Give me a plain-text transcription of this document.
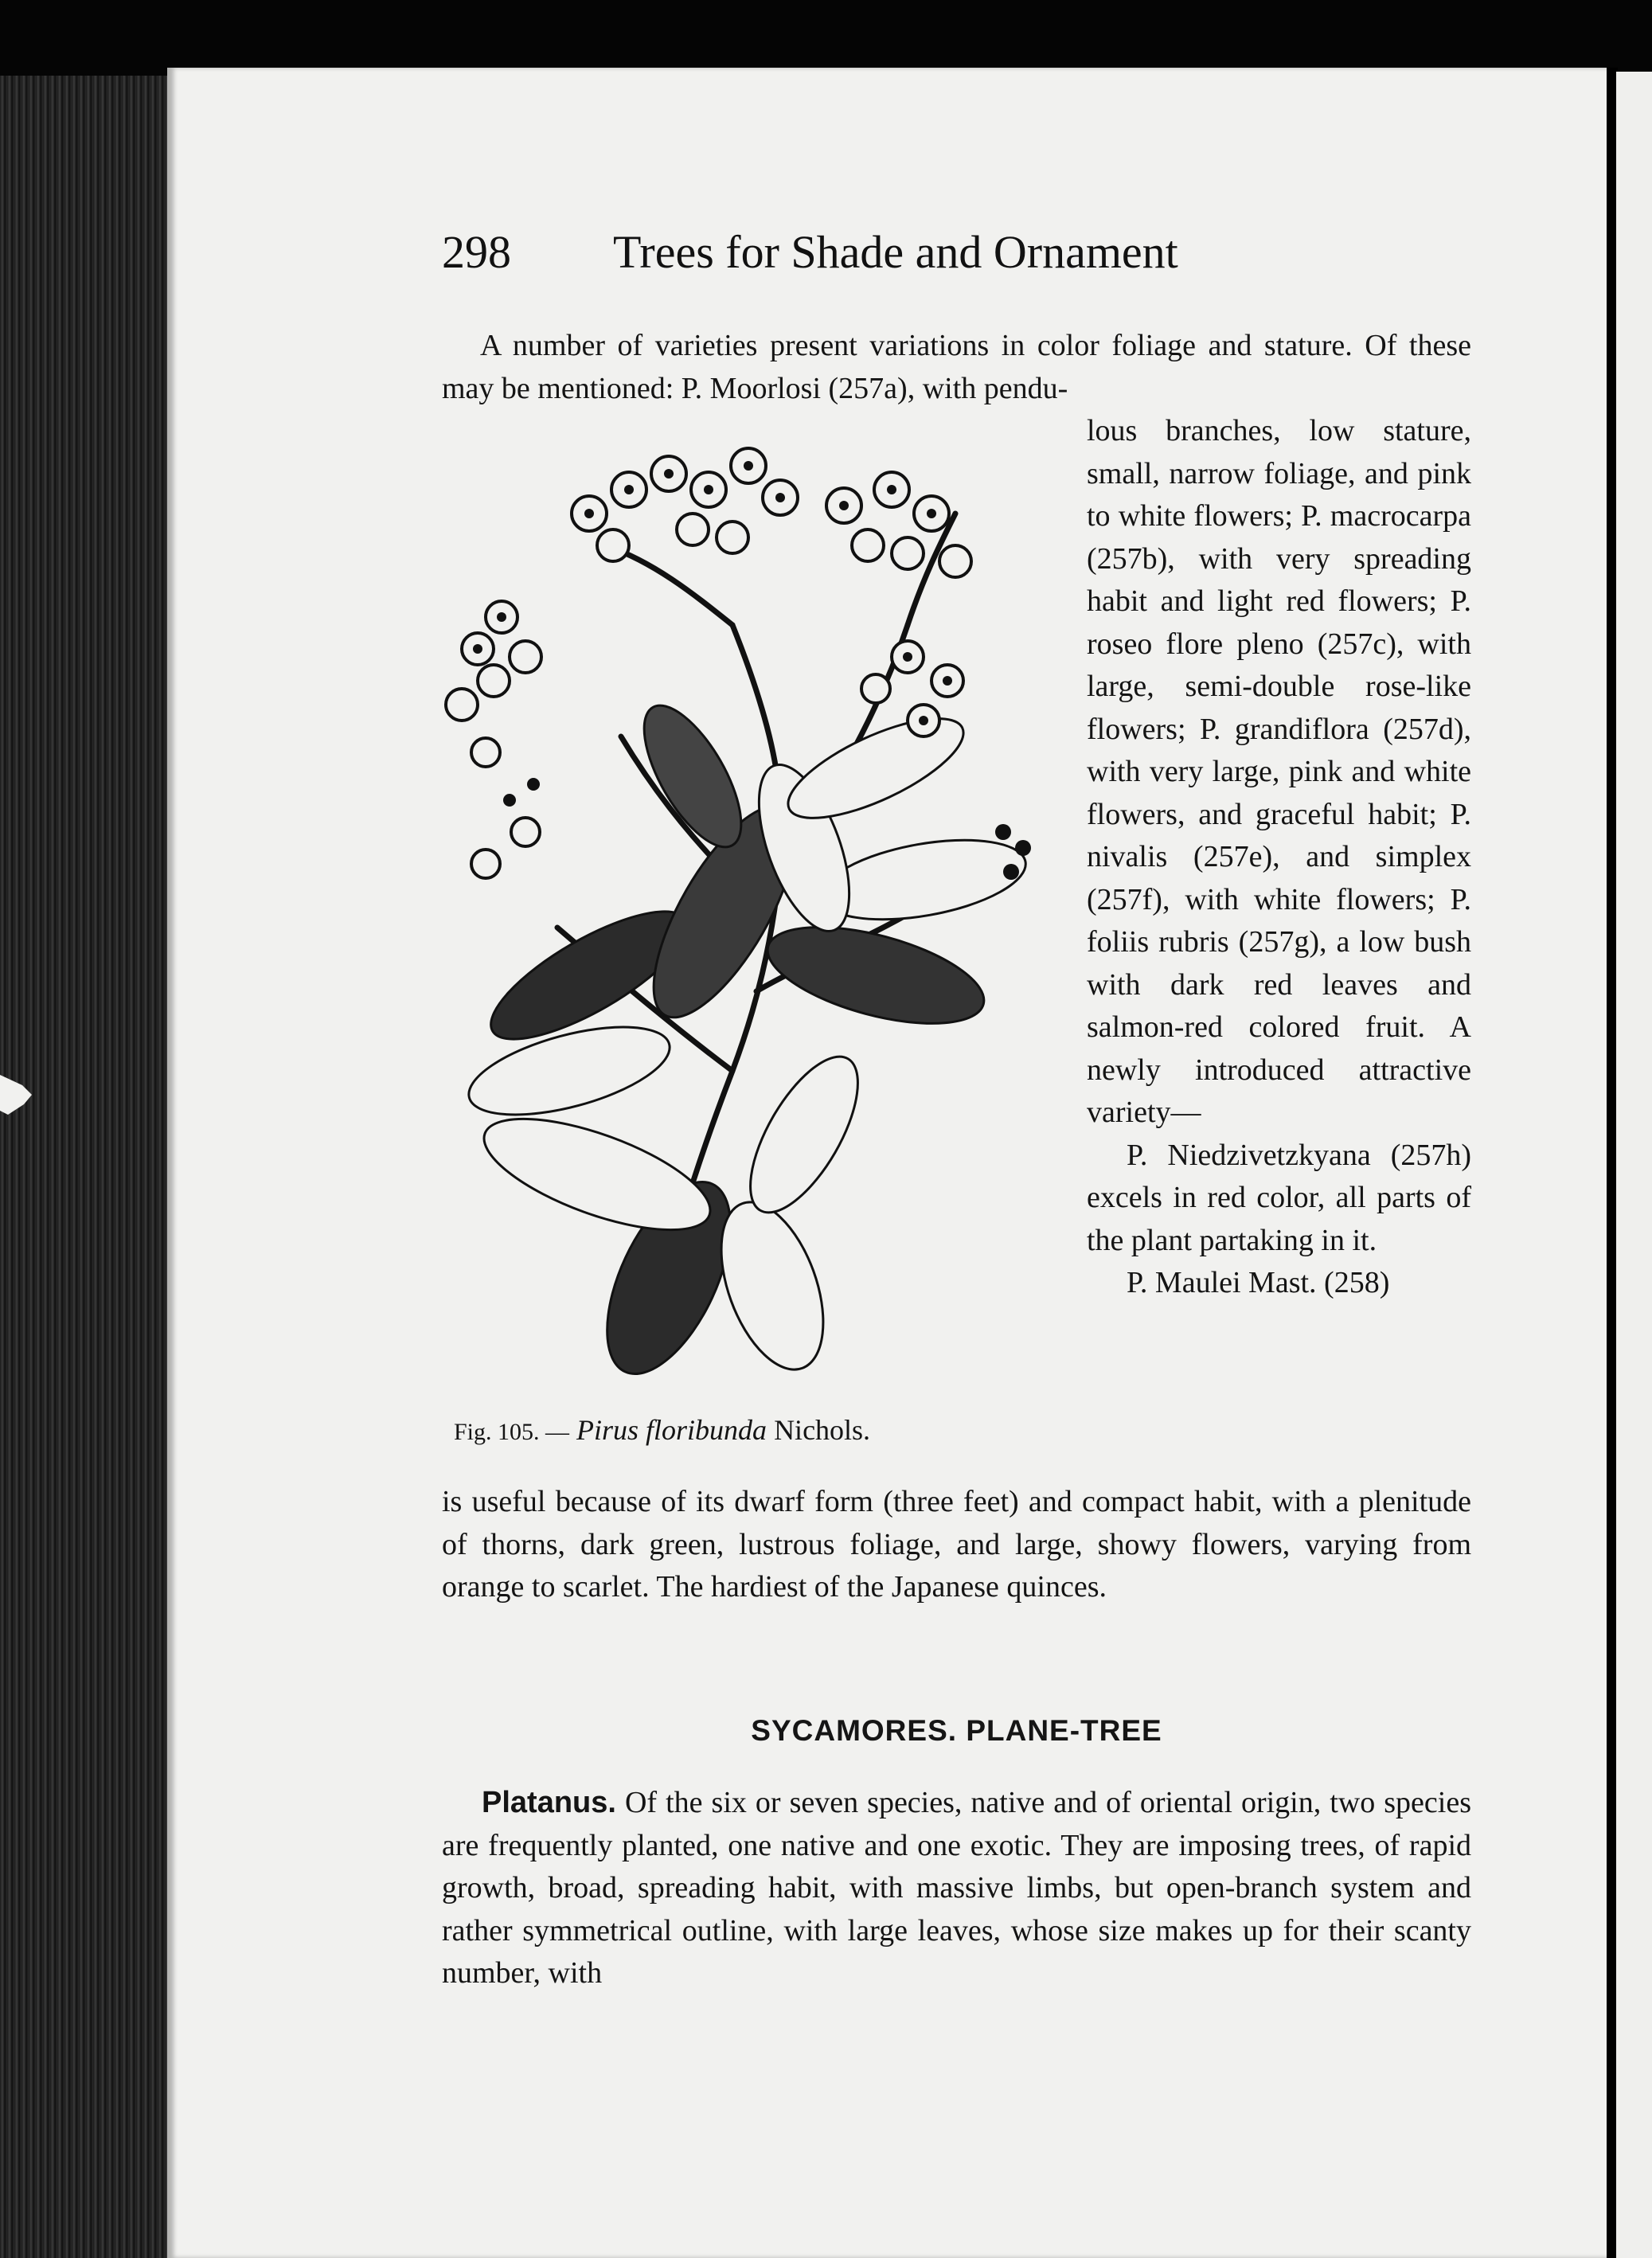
298 Trees for Shade and Ornament
A number of varieties present variations in color foliage and stature. Of these may be mentioned: P. Moorlosi (257a), with pendu-
Fig. 105. — Pirus floribunda Nichols.

lous branches, low stature, small, narrow foliage, and pink to white flowers; P. macrocarpa (257b), with very spreading habit and light red flowers; P. roseo flore pleno (257c), with large, semi-double rose-like flowers; P. grandiflora (257d), with very large, pink and white flowers, and graceful habit; P. nivalis (257e), and simplex (257f), with white flowers; P. foliis rubris (257g), a low bush with dark red leaves and salmon-red colored fruit. A newly introduced attractive variety—

P. Niedzivetzkyana (257h) excels in red color, all parts of the plant partaking in it.

P. Maulei Mast. (258)

is useful because of its dwarf form (three feet) and compact habit, with a plenitude of thorns, dark green, lustrous foliage, and large, showy flowers, varying from orange to scarlet. The hardiest of the Japanese quinces.
SYCAMORES. PLANE-TREE
Platanus. Of the six or seven species, native and of oriental origin, two species are frequently planted, one native and one exotic. They are imposing trees, of rapid growth, broad, spreading habit, with massive limbs, but open-branch system and rather symmetrical outline, with large leaves, whose size makes up for their scanty number, with
